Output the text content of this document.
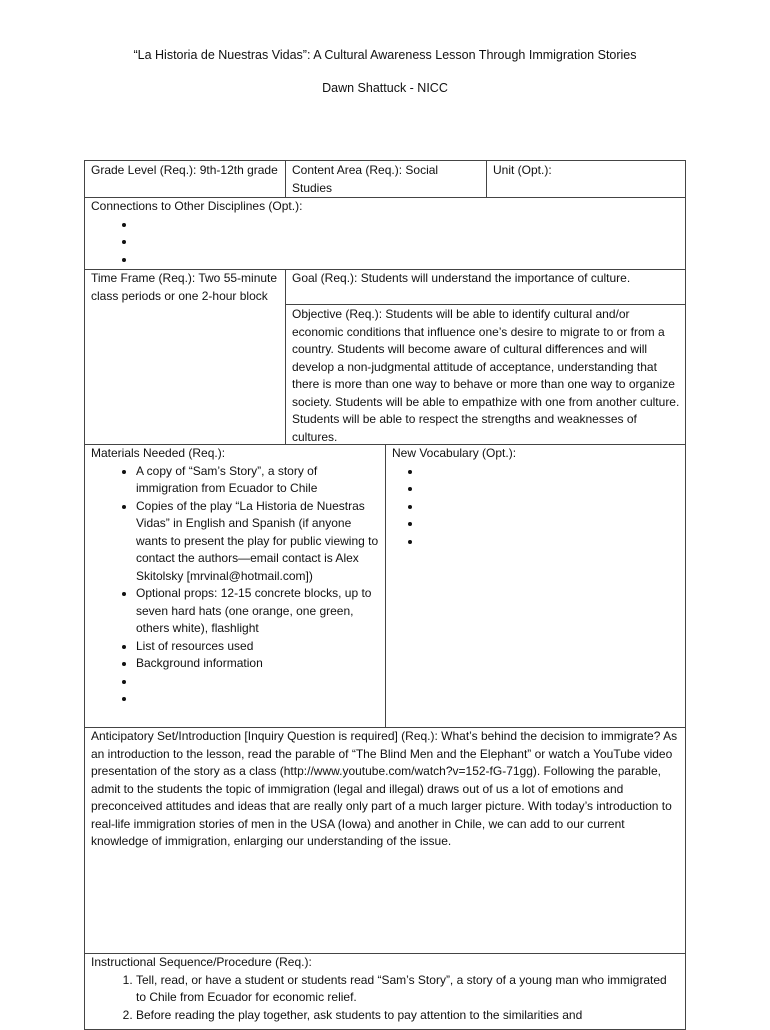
“La Historia de Nuestras Vidas”: A Cultural Awareness Lesson Through Immigration Stories
Dawn Shattuck - NICC
Grade Level (Req.): 9th-12th grade	Content Area (Req.): Social Studies
Unit (Opt.):
Connections to Other Disciplines (Opt.):
•
•
•
Time Frame (Req.): Two 55-minute class periods or one 2-hour block
Goal (Req.): Students will understand the importance of culture.
Objective (Req.): Students will be able to identify cultural and/or economic conditions that influence one’s desire to migrate to or from a country. Students will become aware of cultural differences and will develop a non-judgmental attitude of acceptance, understanding that there is more than one way to behave or more than one way to organize society. Students will be able to empathize with one from another culture. Students will be able to respect the strengths and weaknesses of cultures.
Materials Needed (Req.):
• A copy of “Sam’s Story”, a story of immigration from Ecuador to Chile
• Copies of the play “La Historia de Nuestras Vidas” in English and Spanish (if anyone wants to present the play for public viewing to contact the authors—email contact is Alex Skitolsky [mrvinal@hotmail.com])
• Optional props: 12-15 concrete blocks, up to seven hard hats (one orange, one green, others white), flashlight
• List of resources used
• Background information
•
•
New Vocabulary (Opt.):
•
•
•
•
•
Anticipatory Set/Introduction [Inquiry Question is required] (Req.): What’s behind the decision to immigrate? As an introduction to the lesson, read the parable of “The Blind Men and the Elephant” or watch a YouTube video presentation of the story as a class (http://www.youtube.com/watch?v=152-fG-71gg). Following the parable, admit to the students the topic of immigration (legal and illegal) draws out of us a lot of emotions and preconceived attitudes and ideas that are really only part of a much larger picture. With today’s introduction to real-life immigration stories of men in the USA (Iowa) and another in Chile, we can add to our current knowledge of immigration, enlarging our understanding of the issue.
Instructional Sequence/Procedure (Req.):
1. Tell, read, or have a student or students read “Sam’s Story”, a story of a young man who immigrated to Chile from Ecuador for economic relief.
2. Before reading the play together, ask students to pay attention to the similarities and
